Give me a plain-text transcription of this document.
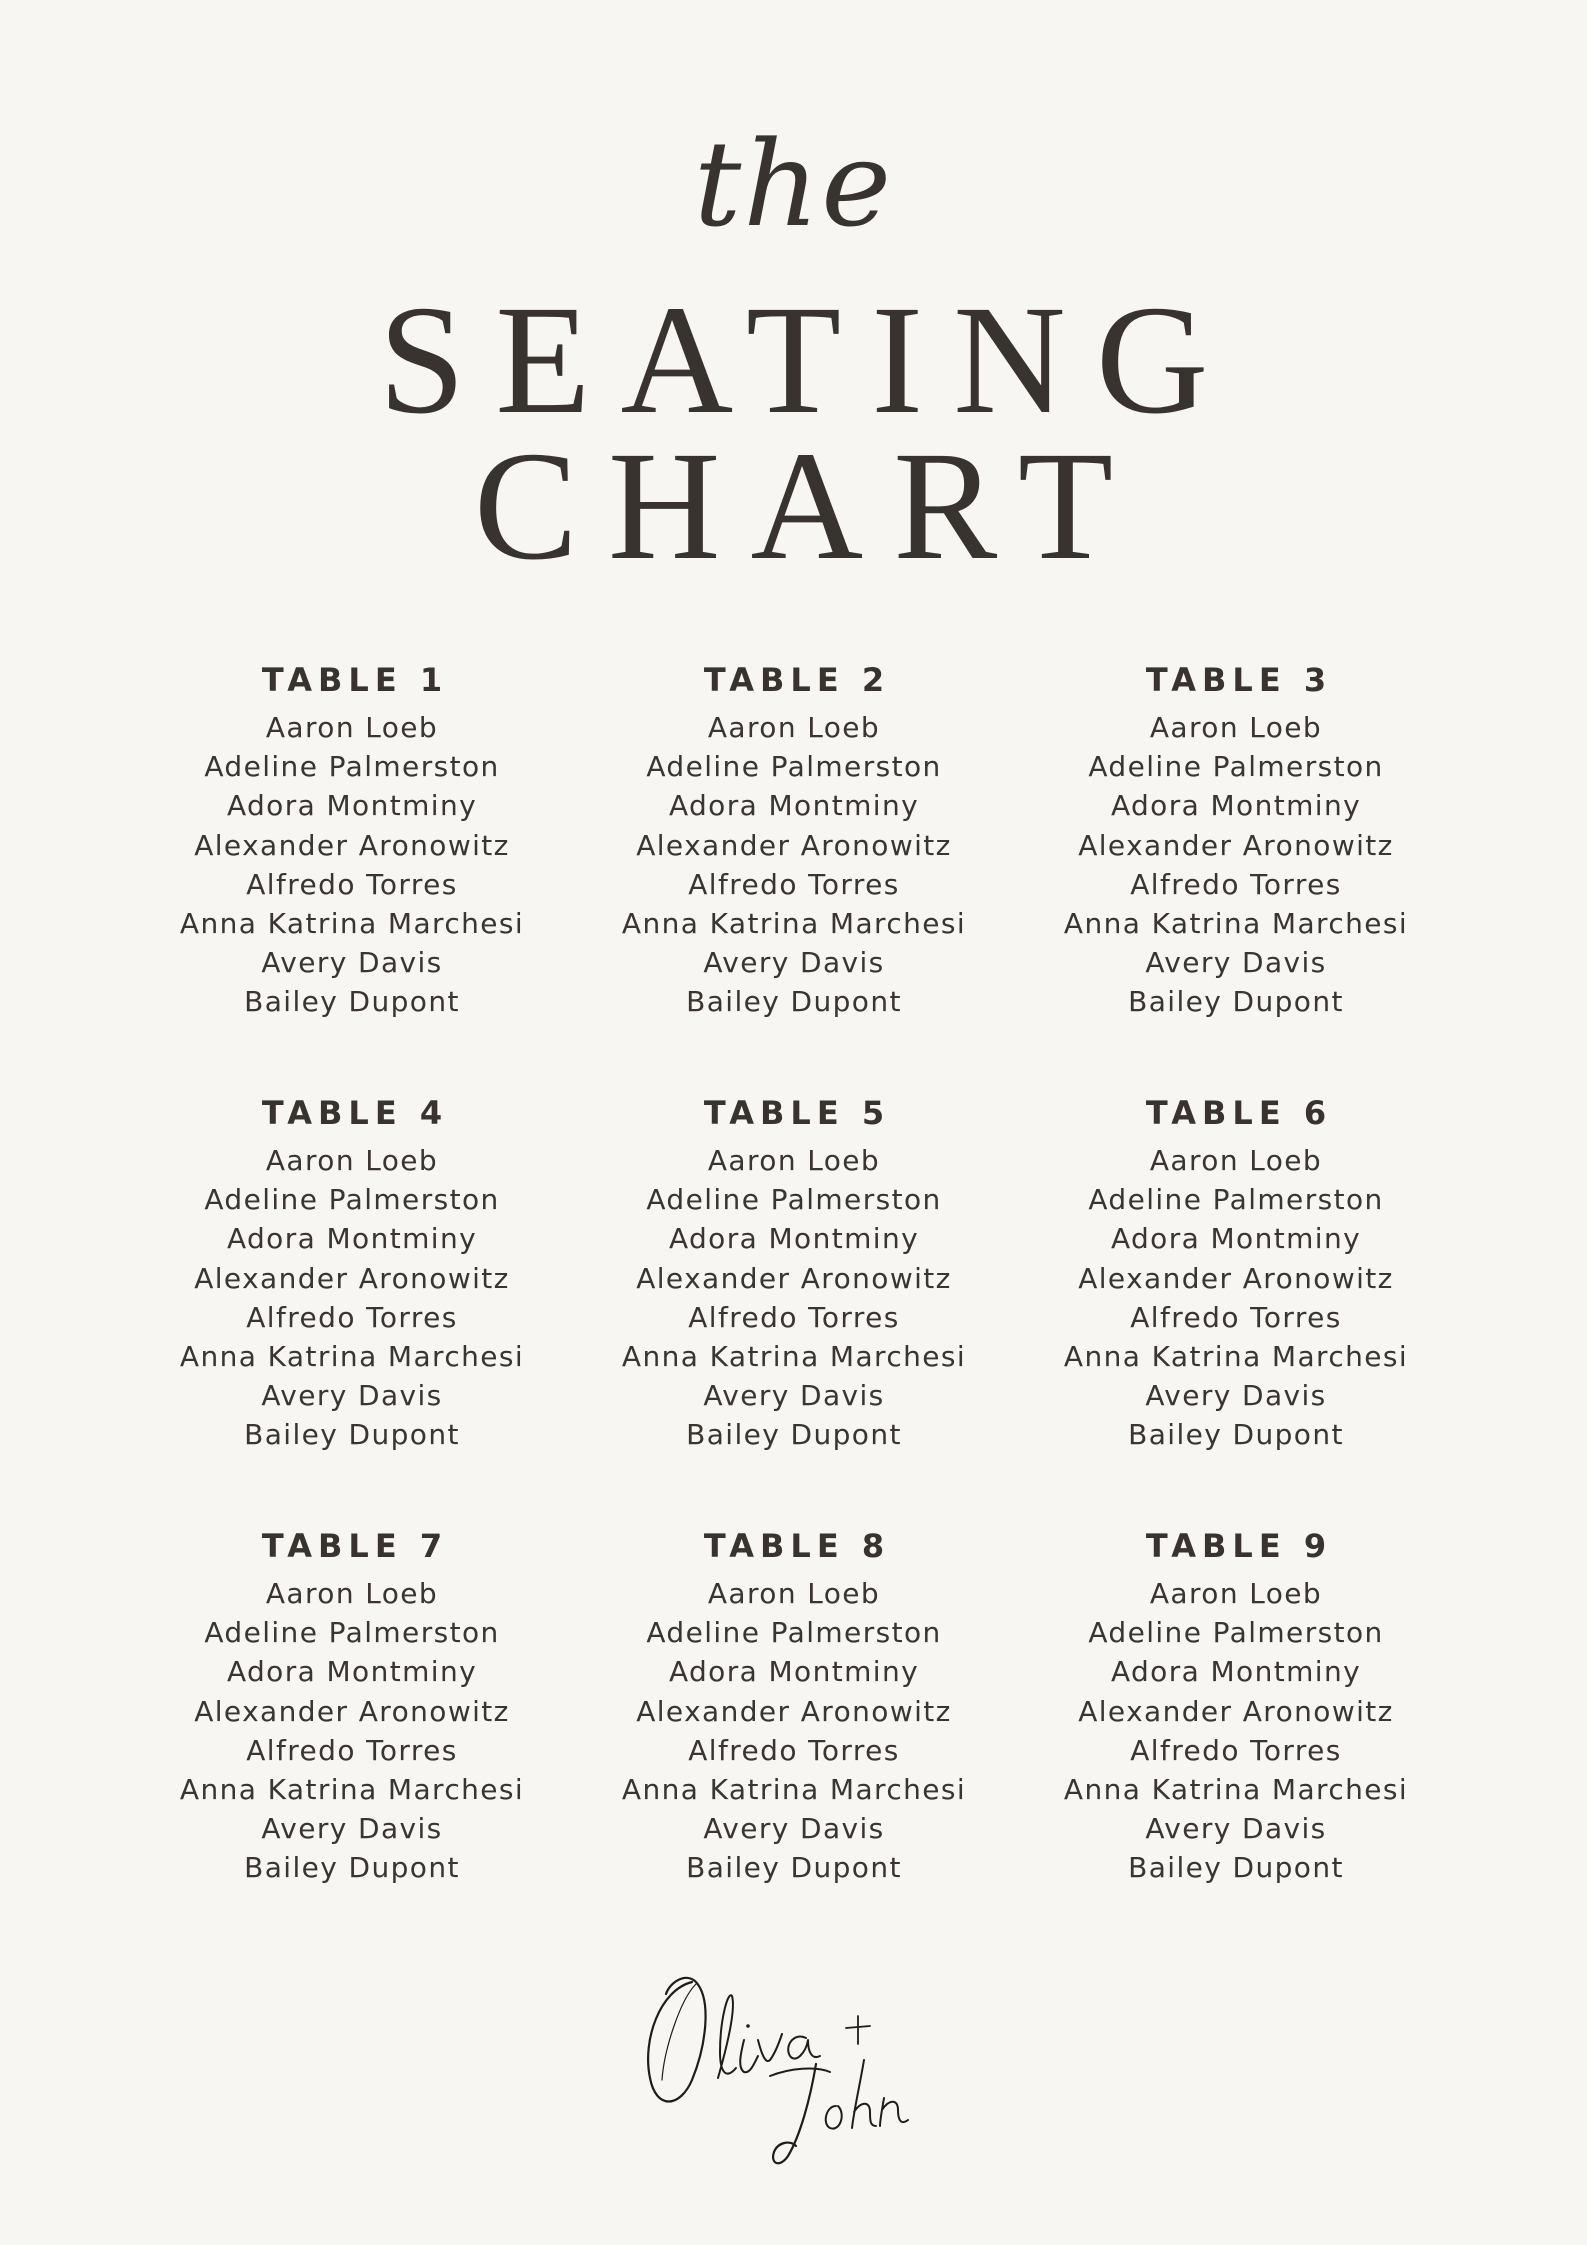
the
SEATING
CHART
TABLE 1
Aaron Loeb
Adeline Palmerston
Adora Montminy
Alexander Aronowitz
Alfredo Torres
Anna Katrina Marchesi
Avery Davis
Bailey Dupont
TABLE 2
Aaron Loeb
Adeline Palmerston
Adora Montminy
Alexander Aronowitz
Alfredo Torres
Anna Katrina Marchesi
Avery Davis
Bailey Dupont
TABLE 3
Aaron Loeb
Adeline Palmerston
Adora Montminy
Alexander Aronowitz
Alfredo Torres
Anna Katrina Marchesi
Avery Davis
Bailey Dupont
TABLE 4
Aaron Loeb
Adeline Palmerston
Adora Montminy
Alexander Aronowitz
Alfredo Torres
Anna Katrina Marchesi
Avery Davis
Bailey Dupont
TABLE 5
Aaron Loeb
Adeline Palmerston
Adora Montminy
Alexander Aronowitz
Alfredo Torres
Anna Katrina Marchesi
Avery Davis
Bailey Dupont
TABLE 6
Aaron Loeb
Adeline Palmerston
Adora Montminy
Alexander Aronowitz
Alfredo Torres
Anna Katrina Marchesi
Avery Davis
Bailey Dupont
TABLE 7
Aaron Loeb
Adeline Palmerston
Adora Montminy
Alexander Aronowitz
Alfredo Torres
Anna Katrina Marchesi
Avery Davis
Bailey Dupont
TABLE 8
Aaron Loeb
Adeline Palmerston
Adora Montminy
Alexander Aronowitz
Alfredo Torres
Anna Katrina Marchesi
Avery Davis
Bailey Dupont
TABLE 9
Aaron Loeb
Adeline Palmerston
Adora Montminy
Alexander Aronowitz
Alfredo Torres
Anna Katrina Marchesi
Avery Davis
Bailey Dupont
Oliva + John
